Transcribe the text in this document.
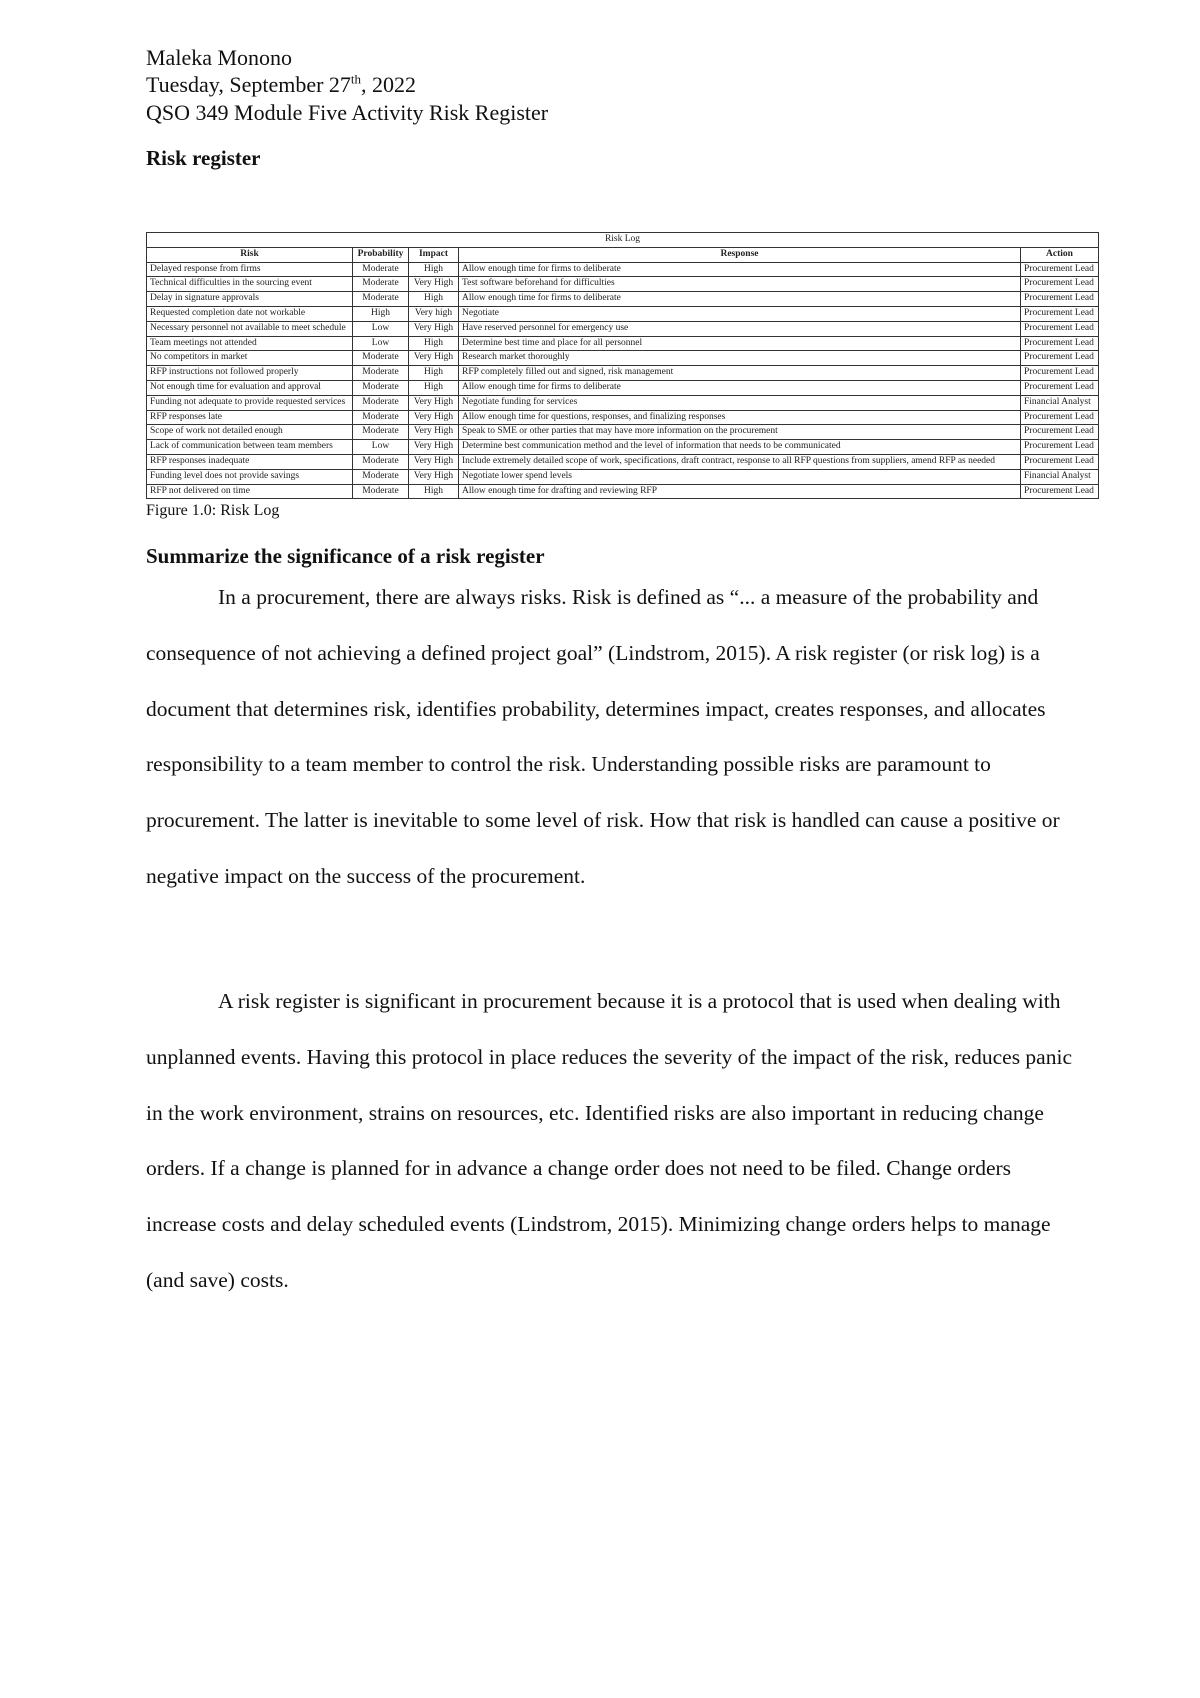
Maleka Monono
Tuesday, September 27th, 2022
QSO 349 Module Five Activity Risk Register
Risk register
Risk Log				
Risk	Probability	Impact	Response	Action
Delayed response from firms	Moderate	High	Allow enough time for firms to deliberate	Procurement Lead
Technical difficulties in the sourcing event	Moderate	Very High	Test software beforehand for difficulties	Procurement Lead
Delay in signature approvals	Moderate	High	Allow enough time for firms to deliberate	Procurement Lead
Requested completion date not workable	High	Very high	Negotiate	Procurement Lead
Necessary personnel not available to meet schedule	Low	Very High	Have reserved personnel for emergency use	Procurement Lead
Team meetings not attended	Low	High	Determine best time and place for all personnel	Procurement Lead
No competitors in market	Moderate	Very High	Research market thoroughly	Procurement Lead
RFP instructions not followed properly	Moderate	High	RFP completely filled out and signed, risk management	Procurement Lead
Not enough time for evaluation and approval	Moderate	High	Allow enough time for firms to deliberate	Procurement Lead
Funding not adequate to provide requested services	Moderate	Very High	Negotiate funding for services	Financial Analyst
RFP responses late	Moderate	Very High	Allow enough time for questions, responses, and finalizing responses	Procurement Lead
Scope of work not detailed enough	Moderate	Very High	Speak to SME or other parties that may have more information on the procurement	Procurement Lead
Lack of communication between team members	Low	Very High	Determine best communication method and the level of information that needs to be communicated	Procurement Lead
RFP responses inadequate	Moderate	Very High	Include extremely detailed scope of work, specifications, draft contract, response to all RFP questions from suppliers, amend RFP as needed	Procurement Lead
Funding level does not provide savings	Moderate	Very High	Negotiate lower spend levels	Financial Analyst
RFP not delivered on time	Moderate	High	Allow enough time for drafting and reviewing RFP	Procurement Lead
Figure 1.0: Risk Log
Summarize the significance of a risk register

In a procurement, there are always risks. Risk is defined as “... a measure of the probability and consequence of not achieving a defined project goal” (Lindstrom, 2015). A risk register (or risk log) is a document that determines risk, identifies probability, determines impact, creates responses, and allocates responsibility to a team member to control the risk. Understanding possible risks are paramount to procurement. The latter is inevitable to some level of risk. How that risk is handled can cause a positive or negative impact on the success of the procurement.

A risk register is significant in procurement because it is a protocol that is used when dealing with unplanned events. Having this protocol in place reduces the severity of the impact of the risk, reduces panic in the work environment, strains on resources, etc. Identified risks are also important in reducing change orders. If a change is planned for in advance a change order does not need to be filed. Change orders increase costs and delay scheduled events (Lindstrom, 2015). Minimizing change orders helps to manage (and save) costs.
